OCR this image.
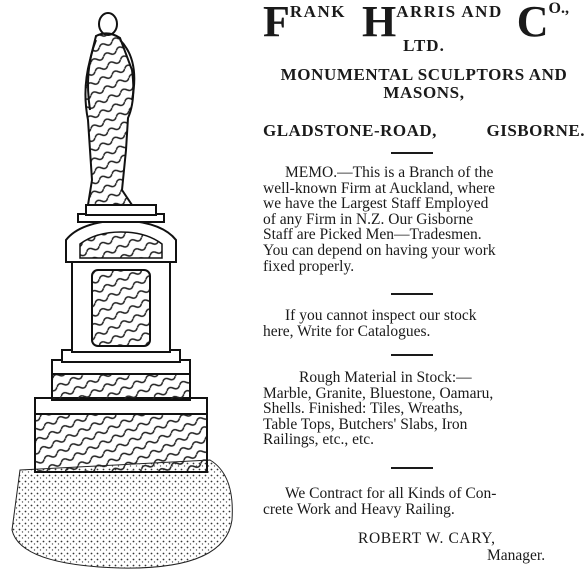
FRANK HARRIS AND CO.,
LTD.
MONUMENTAL SCULPTORS AND
MASONS,
GLADSTONE-ROAD,	GISBORNE.
MEMO.—This is a Branch of the
well-known Firm at Auckland, where
we have the Largest Staff Employed
of any Firm in N.Z. Our Gisborne
Staff are Picked Men—Tradesmen.
You can depend on having your work
fixed properly.
If you cannot inspect our stock
here, Write for Catalogues.
Rough Material in Stock:—
Marble, Granite, Bluestone, Oamaru,
Shells. Finished: Tiles, Wreaths,
Table Tops, Butchers' Slabs, Iron
Railings, etc., etc.
We Contract for all Kinds of Con-
crete Work and Heavy Railing.
ROBERT W. CARY,
Manager.
